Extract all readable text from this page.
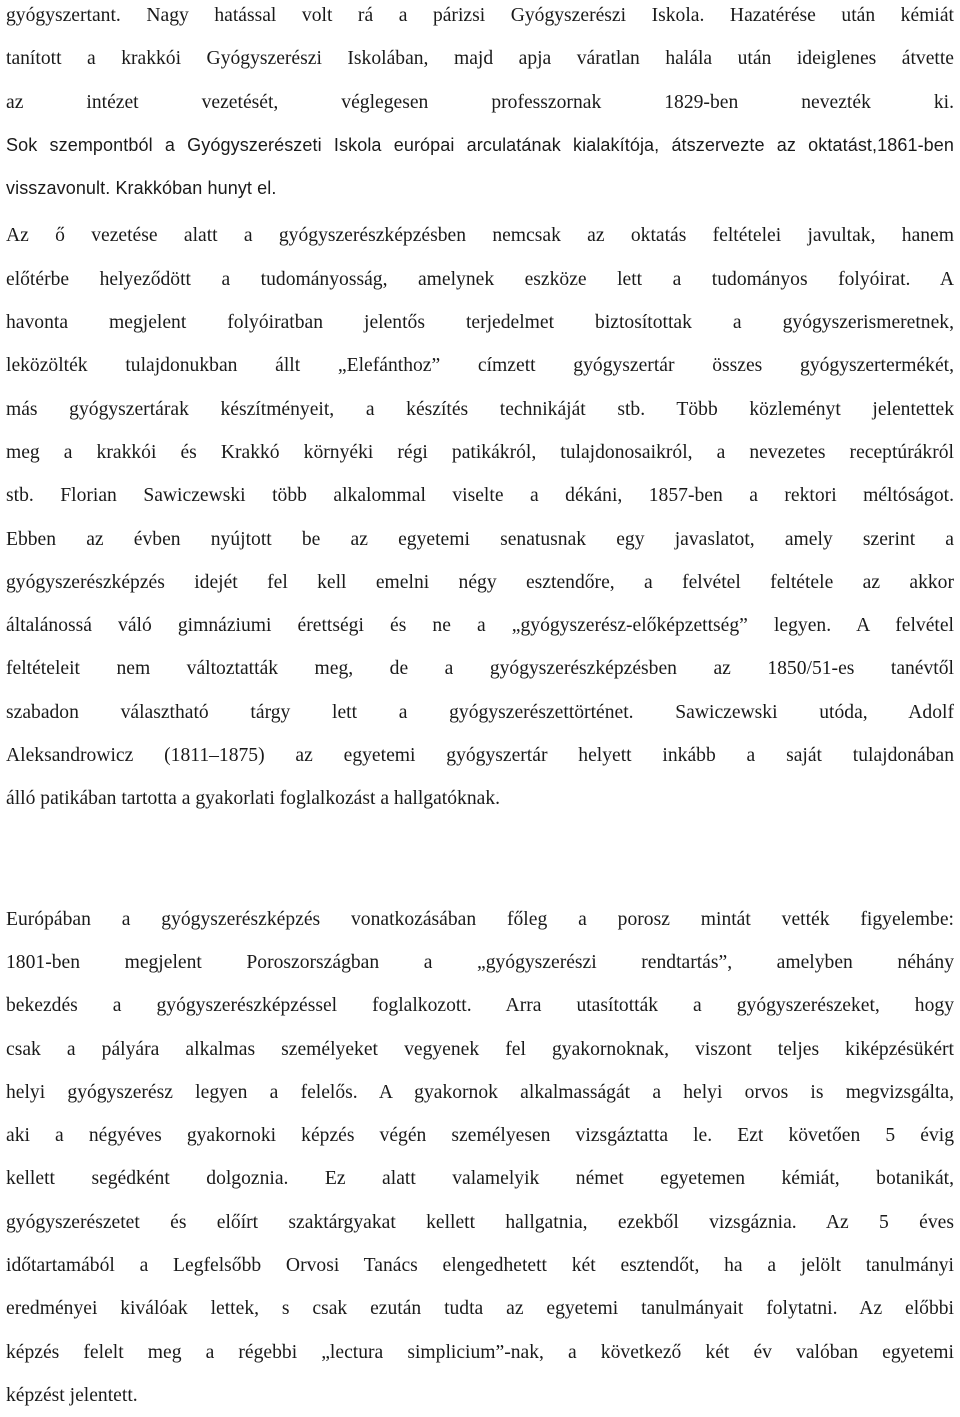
gyógyszertant. Nagy hatással volt rá a párizsi Gyógyszerészi Iskola. Hazatérése után kémiát
tanított a krakkói Gyógyszerészi Iskolában, majd apja váratlan halála után ideiglenes átvette
az intézet vezetését, véglegesen professzornak 1829-ben nevezték ki.
Sok szempontból a Gyógyszerészeti Iskola európai arculatának kialakítója, átszervezte az oktatást,1861-ben
visszavonult. Krakkóban hunyt el.
Az ő vezetése alatt a gyógyszerészképzésben nemcsak az oktatás feltételei javultak, hanem
előtérbe helyeződött a tudományosság, amelynek eszköze lett a tudományos folyóirat. A
havonta megjelent folyóiratban jelentős terjedelmet biztosítottak a gyógyszerismeretnek,
leközölték tulajdonukban állt „Elefánthoz” címzett gyógyszertár összes gyógyszertermékét,
más gyógyszertárak készítményeit, a készítés technikáját stb. Több közleményt jelentettek
meg a krakkói és Krakkó környéki régi patikákról, tulajdonosaikról, a nevezetes receptúrákról
stb. Florian Sawiczewski több alkalommal viselte a dékáni, 1857-ben a rektori méltóságot.
Ebben az évben nyújtott be az egyetemi senatusnak egy javaslatot, amely szerint a
gyógyszerészképzés idejét fel kell emelni négy esztendőre, a felvétel feltétele az akkor
általánossá váló gimnáziumi érettségi és ne a „gyógyszerész-előképzettség” legyen. A felvétel
feltételeit nem változtatták meg, de a gyógyszerészképzésben az 1850/51-es tanévtől
szabadon választható tárgy lett a gyógyszerészettörténet. Sawiczewski utóda, Adolf
Aleksandrowicz (1811–1875) az egyetemi gyógyszertár helyett inkább a saját tulajdonában
álló patikában tartotta a gyakorlati foglalkozást a hallgatóknak.
Európában a gyógyszerészképzés vonatkozásában főleg a porosz mintát vették figyelembe:
1801-ben megjelent Poroszországban a „gyógyszerészi rendtartás”, amelyben néhány
bekezdés a gyógyszerészképzéssel foglalkozott. Arra utasították a gyógyszerészeket, hogy
csak a pályára alkalmas személyeket vegyenek fel gyakornoknak, viszont teljes kiképzésükért
helyi gyógyszerész legyen a felelős. A gyakornok alkalmasságát a helyi orvos is megvizsgálta,
aki a négyéves gyakornoki képzés végén személyesen vizsgáztatta le. Ezt követően 5 évig
kellett segédként dolgoznia. Ez alatt valamelyik német egyetemen kémiát, botanikát,
gyógyszerészetet és előírt szaktárgyakat kellett hallgatnia, ezekből vizsgáznia. Az 5 éves
időtartamából a Legfelsőbb Orvosi Tanács elengedhetett két esztendőt, ha a jelölt tanulmányi
eredményei kiválóak lettek, s csak ezután tudta az egyetemi tanulmányait folytatni. Az előbbi
képzés felelt meg a régebbi „lectura simplicium”-nak, a következő két év valóban egyetemi
képzést jelentett.
